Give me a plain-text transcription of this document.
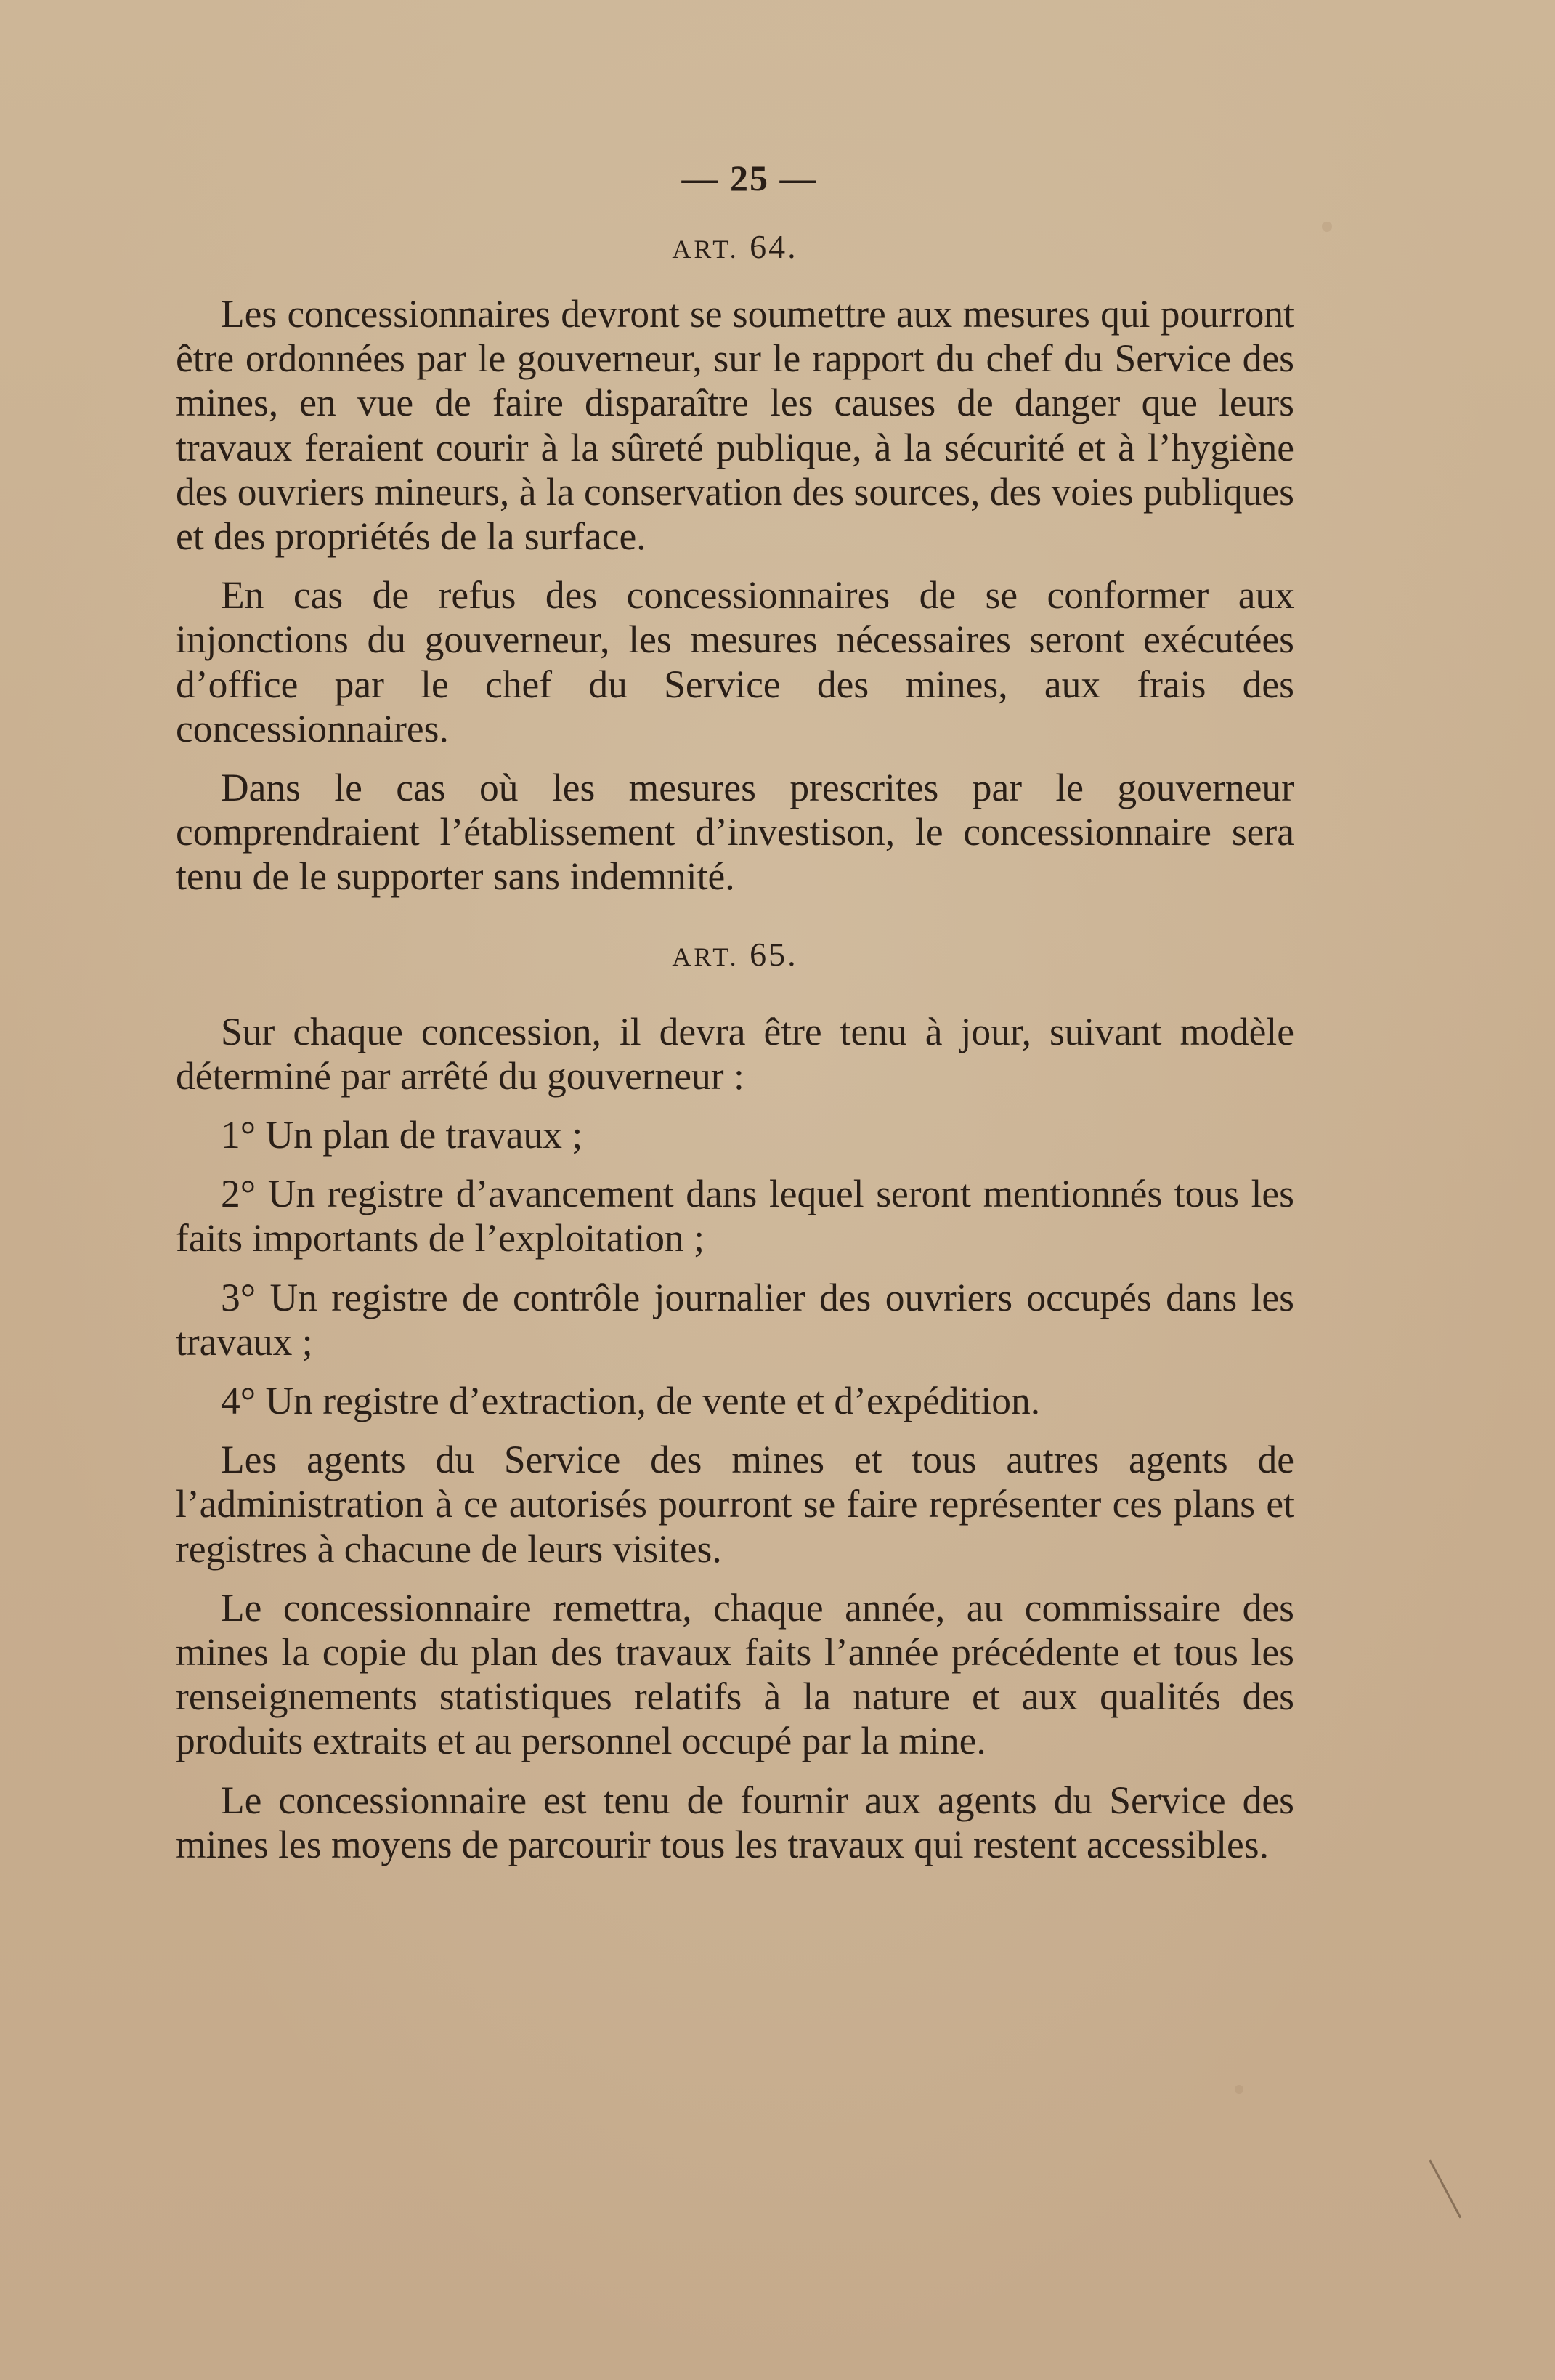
— 25 —
ART. 64.

Les concessionnaires devront se soumettre aux mesures qui pourront être ordonnées par le gouverneur, sur le rapport du chef du Service des mines, en vue de faire disparaître les causes de danger que leurs travaux feraient courir à la sûreté publique, à la sécurité et à l’hygiène des ouvriers mineurs, à la conservation des sources, des voies publiques et des propriétés de la surface.

En cas de refus des concessionnaires de se conformer aux injonctions du gouverneur, les mesures nécessaires seront exécutées d’office par le chef du Service des mines, aux frais des concessionnaires.

Dans le cas où les mesures prescrites par le gouverneur comprendraient l’établissement d’investison, le concessionnaire sera tenu de le supporter sans indemnité.

ART. 65.

Sur chaque concession, il devra être tenu à jour, suivant modèle déterminé par arrêté du gouverneur :

1° Un plan de travaux ;

2° Un registre d’avancement dans lequel seront mentionnés tous les faits importants de l’exploitation ;

3° Un registre de contrôle journalier des ouvriers occupés dans les travaux ;

4° Un registre d’extraction, de vente et d’expédition.

Les agents du Service des mines et tous autres agents de l’administration à ce autorisés pourront se faire représenter ces plans et registres à chacune de leurs visites.

Le concessionnaire remettra, chaque année, au commissaire des mines la copie du plan des travaux faits l’année précédente et tous les renseignements statistiques relatifs à la nature et aux qualités des produits extraits et au personnel occupé par la mine.

Le concessionnaire est tenu de fournir aux agents du Service des mines les moyens de parcourir tous les travaux qui restent accessibles.
